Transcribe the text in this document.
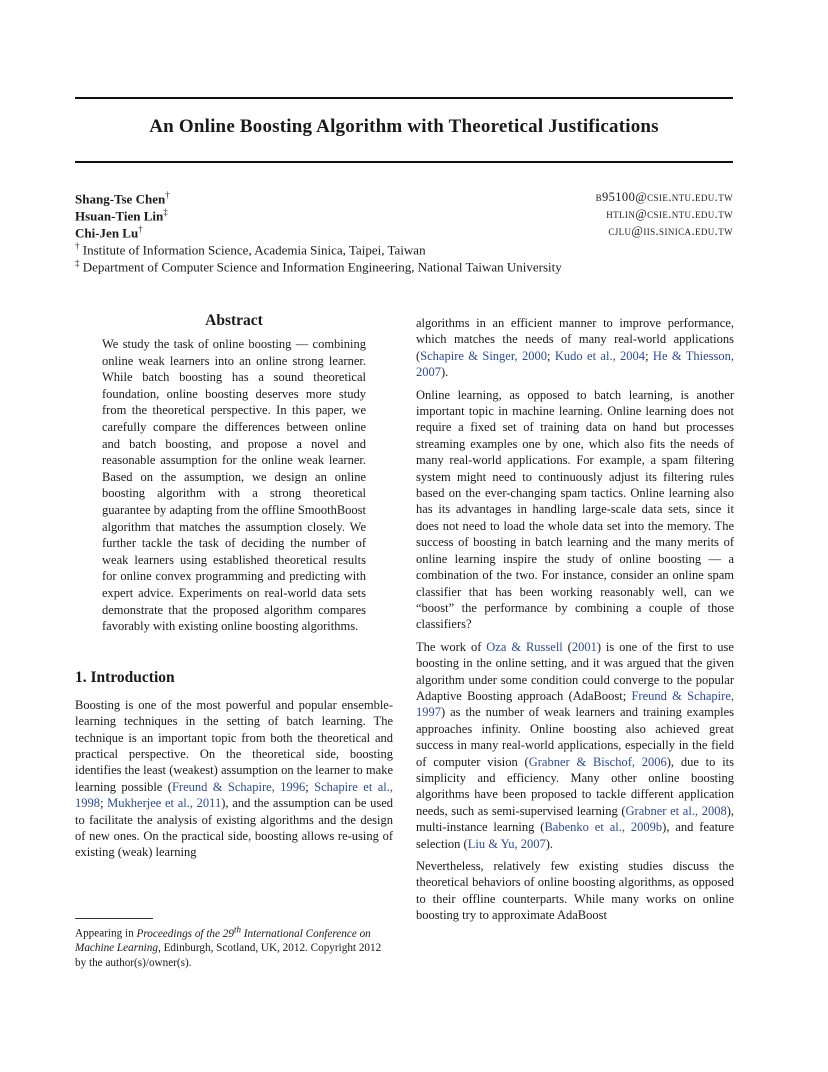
An Online Boosting Algorithm with Theoretical Justifications
Shang-Tse Chen†	b95100@csie.ntu.edu.tw
Hsuan-Tien Lin‡	htlin@csie.ntu.edu.tw
Chi-Jen Lu†	cjlu@iis.sinica.edu.tw
† Institute of Information Science, Academia Sinica, Taipei, Taiwan
‡ Department of Computer Science and Information Engineering, National Taiwan University
Abstract
We study the task of online boosting — combining online weak learners into an online strong learner. While batch boosting has a sound theoretical foundation, online boosting deserves more study from the theoretical perspective. In this paper, we carefully compare the differences between online and batch boosting, and propose a novel and reasonable assumption for the online weak learner. Based on the assumption, we design an online boosting algorithm with a strong theoretical guarantee by adapting from the offline SmoothBoost algorithm that matches the assumption closely. We further tackle the task of deciding the number of weak learners using established theoretical results for online convex programming and predicting with expert advice. Experiments on real-world data sets demonstrate that the proposed algorithm compares favorably with existing online boosting algorithms.
1. Introduction

Boosting is one of the most powerful and popular ensemble-learning techniques in the setting of batch learning. The technique is an important topic from both the theoretical and practical perspective. On the theoretical side, boosting identifies the least (weakest) assumption on the learner to make learning possible (Freund & Schapire, 1996; Schapire et al., 1998; Mukherjee et al., 2011), and the assumption can be used to facilitate the analysis of existing algorithms and the design of new ones. On the practical side, boosting allows re-using of existing (weak) learning

Appearing in Proceedings of the 29th International Conference on Machine Learning, Edinburgh, Scotland, UK, 2012. Copyright 2012 by the author(s)/owner(s).

algorithms in an efficient manner to improve performance, which matches the needs of many real-world applications (Schapire & Singer, 2000; Kudo et al., 2004; He & Thiesson, 2007).

Online learning, as opposed to batch learning, is another important topic in machine learning. Online learning does not require a fixed set of training data on hand but processes streaming examples one by one, which also fits the needs of many real-world applications. For example, a spam filtering system might need to continuously adjust its filtering rules based on the ever-changing spam tactics. Online learning also has its advantages in handling large-scale data sets, since it does not need to load the whole data set into the memory. The success of boosting in batch learning and the many merits of online learning inspire the study of online boosting — a combination of the two. For instance, consider an online spam classifier that has been working reasonably well, can we “boost” the performance by combining a couple of those classifiers?

The work of Oza & Russell (2001) is one of the first to use boosting in the online setting, and it was argued that the given algorithm under some condition could converge to the popular Adaptive Boosting approach (AdaBoost; Freund & Schapire, 1997) as the number of weak learners and training examples approaches infinity. Online boosting also achieved great success in many real-world applications, especially in the field of computer vision (Grabner & Bischof, 2006), due to its simplicity and efficiency. Many other online boosting algorithms have been proposed to tackle different application needs, such as semi-supervised learning (Grabner et al., 2008), multi-instance learning (Babenko et al., 2009b), and feature selection (Liu & Yu, 2007).

Nevertheless, relatively few existing studies discuss the theoretical behaviors of online boosting algorithms, as opposed to their offline counterparts. While many works on online boosting try to approximate AdaBoost
